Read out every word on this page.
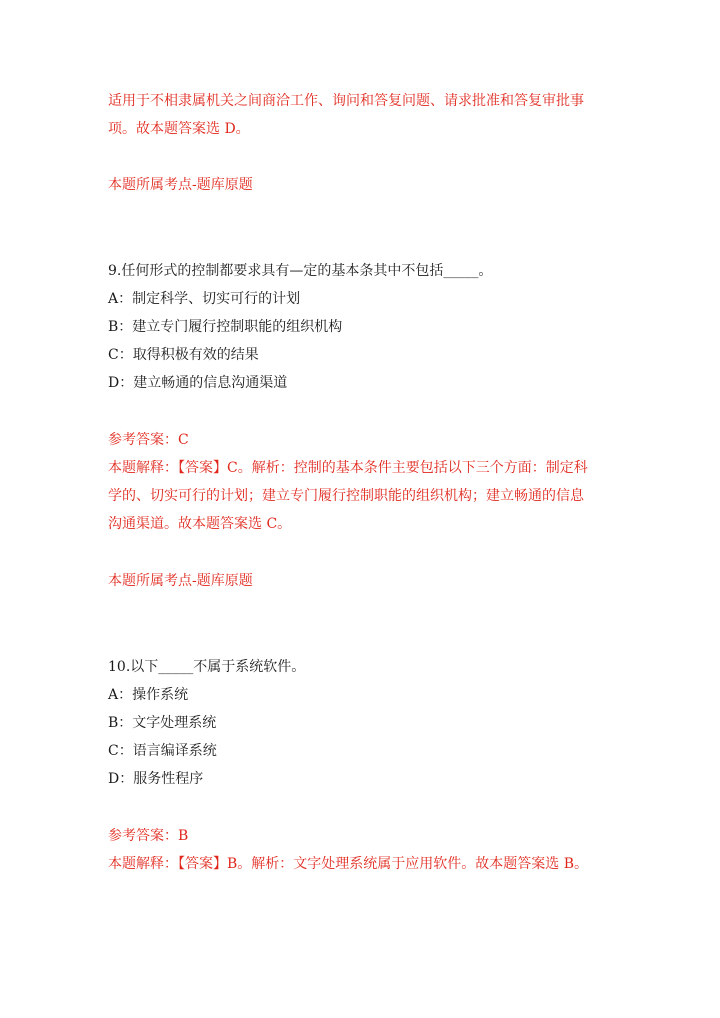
适用于不相隶属机关之间商洽工作、询问和答复问题、请求批准和答复审批事
项。故本题答案选 D。
本题所属考点-题库原题
9.任何形式的控制都要求具有—定的基本条其中不包括_____。
A：制定科学、切实可行的计划
B：建立专门履行控制职能的组织机构
C：取得积极有效的结果
D：建立畅通的信息沟通渠道
参考答案：C
本题解释：【答案】C。解析：控制的基本条件主要包括以下三个方面：制定科
学的、切实可行的计划；建立专门履行控制职能的组织机构；建立畅通的信息
沟通渠道。故本题答案选 C。
本题所属考点-题库原题
10.以下_____不属于系统软件。
A：操作系统
B：文字处理系统
C：语言编译系统
D：服务性程序
参考答案：B
本题解释：【答案】B。解析：文字处理系统属于应用软件。故本题答案选 B。
